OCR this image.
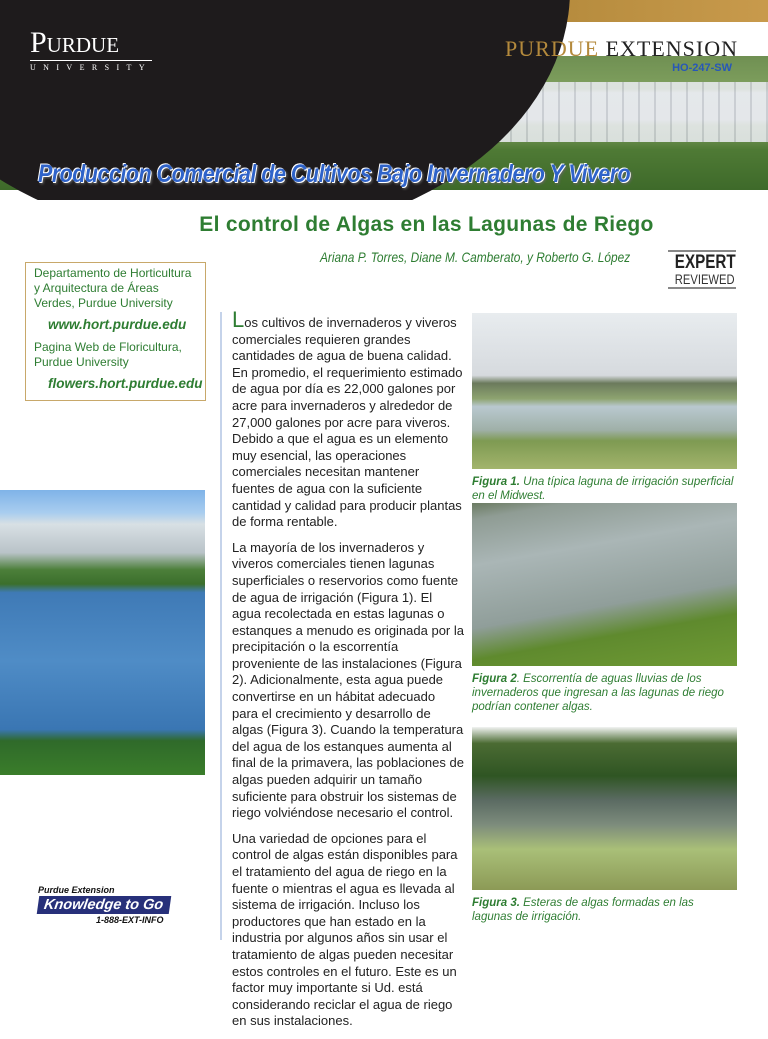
Purdue
UNIVERSITY
PURDUE EXTENSION
HO-247-SW
Produccion Comercial de Cultivos Bajo Invernadero Y Vivero
El control de Algas en las Lagunas de Riego
Ariana P. Torres, Diane M. Camberato, y Roberto G. López EXPERT
REVIEWED
Departamento de Horticultura y Arquitectura de Áreas Verdes, Purdue University
www.hort.purdue.edu
Pagina Web de Floricultura, Purdue University
flowers.hort.purdue.edu
Purdue Extension
Knowledge to Go
1-888-EXT-INFO

Los cultivos de invernaderos y viveros comerciales requieren grandes cantidades de agua de buena calidad. En promedio, el requerimiento estimado de agua por día es 22,000 galones por acre para invernaderos y alrededor de 27,000 galones por acre para viveros. Debido a que el agua es un elemento muy esencial, las operaciones comerciales necesitan mantener fuentes de agua con la suficiente cantidad y calidad para producir plantas de forma rentable.

La mayoría de los invernaderos y viveros comerciales tienen lagunas superficiales o reservorios como fuente de agua de irrigación (Figura 1). El agua recolectada en estas lagunas o estanques a menudo es originada por la precipitación o la escorrentía proveniente de las instalaciones (Figura 2). Adicionalmente, esta agua puede convertirse en un hábitat adecuado para el crecimiento y desarrollo de algas (Figura 3). Cuando la temperatura del agua de los estanques aumenta al final de la primavera, las poblaciones de algas pueden adquirir un tamaño suficiente para obstruir los sistemas de riego volviéndose necesario el control.

Una variedad de opciones para el control de algas están disponibles para el tratamiento del agua de riego en la fuente o mientras el agua es llevada al sistema de irrigación. Incluso los productores que han estado en la industria por algunos años sin usar el tratamiento de algas pueden necesitar estos controles en el futuro. Este es un factor muy importante si Ud. está considerando reciclar el agua de riego en sus instalaciones.

Figura 1. Una típica laguna de irrigación superficial en el Midwest.
Figura 2. Escorrentía de aguas lluvias de los invernaderos que ingresan a las lagunas de riego podrían contener algas.
Figura 3. Esteras de algas formadas en las lagunas de irrigación.
